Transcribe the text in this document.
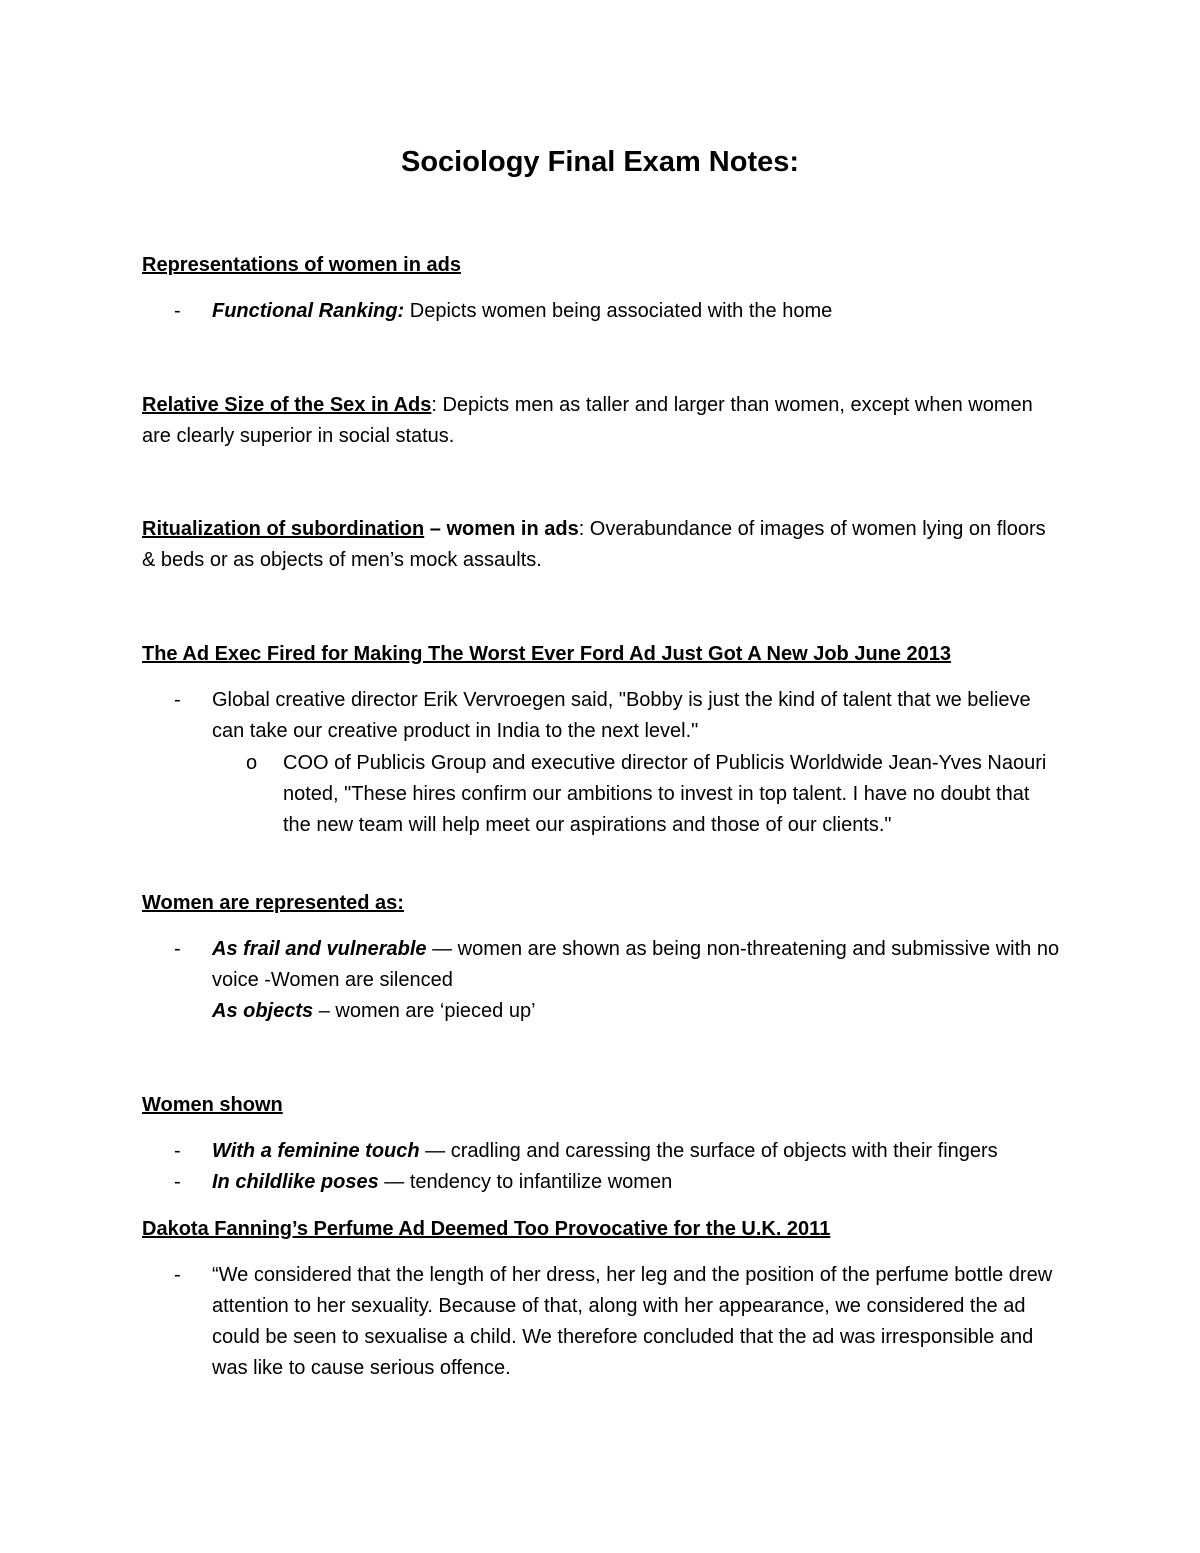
Sociology Final Exam Notes:
Representations of women in ads
- Functional Ranking: Depicts women being associated with the home
Relative Size of the Sex in Ads: Depicts men as taller and larger than women, except when women are clearly superior in social status.
Ritualization of subordination – women in ads: Overabundance of images of women lying on floors & beds or as objects of men’s mock assaults.
The Ad Exec Fired for Making The Worst Ever Ford Ad Just Got A New Job June 2013
- Global creative director Erik Vervroegen said, "Bobby is just the kind of talent that we believe can take our creative product in India to the next level."
o COO of Publicis Group and executive director of Publicis Worldwide Jean-Yves Naouri noted, "These hires confirm our ambitions to invest in top talent. I have no doubt that the new team will help meet our aspirations and those of our clients."
Women are represented as:
- As frail and vulnerable — women are shown as being non-threatening and submissive with no voice -Women are silenced
As objects – women are ‘pieced up’
Women shown
- With a feminine touch — cradling and caressing the surface of objects with their fingers
- In childlike poses — tendency to infantilize women
Dakota Fanning’s Perfume Ad Deemed Too Provocative for the U.K. 2011
- “We considered that the length of her dress, her leg and the position of the perfume bottle drew attention to her sexuality. Because of that, along with her appearance, we considered the ad could be seen to sexualise a child. We therefore concluded that the ad was irresponsible and was like to cause serious offence.
